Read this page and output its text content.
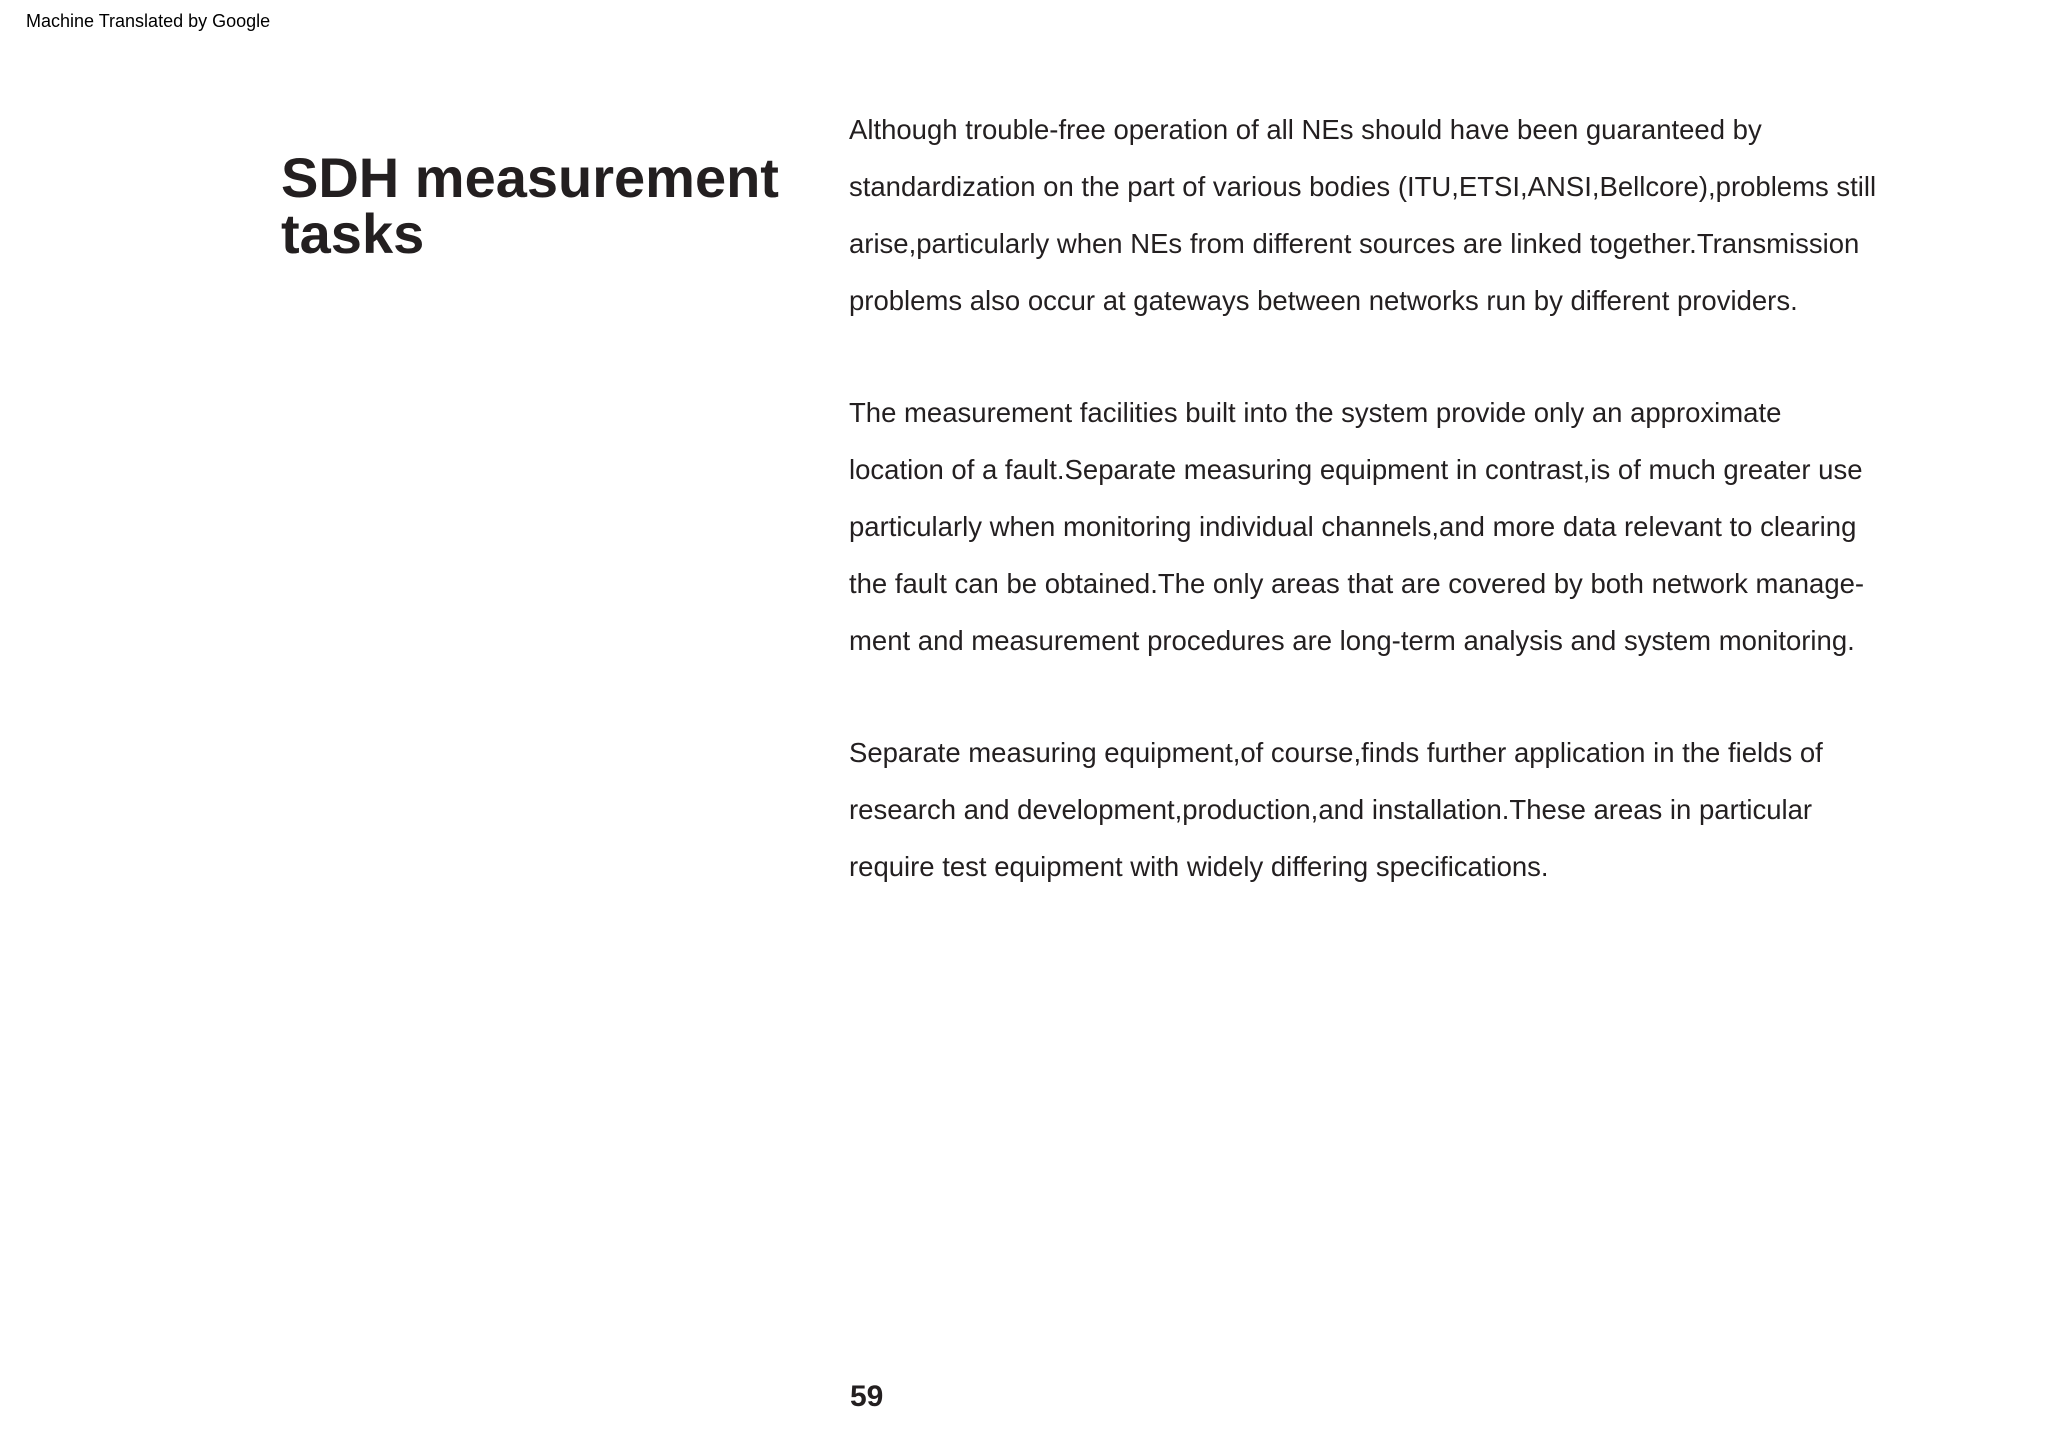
Machine Translated by Google
SDH measurement
tasks

Although trouble-free operation of all NEs should have been guaranteed by
standardization on the part of various bodies (ITU,ETSI,ANSI,Bellcore),problems still
arise,particularly when NEs from different sources are linked together.Transmission
problems also occur at gateways between networks run by different providers.

The measurement facilities built into the system provide only an approximate
location of a fault.Separate measuring equipment in contrast,is of much greater use
particularly when monitoring individual channels,and more data relevant to clearing
the fault can be obtained.The only areas that are covered by both network manage-
ment and measurement procedures are long-term analysis and system monitoring.

Separate measuring equipment,of course,finds further application in the fields of
research and development,production,and installation.These areas in particular
require test equipment with widely differing specifications.

59
